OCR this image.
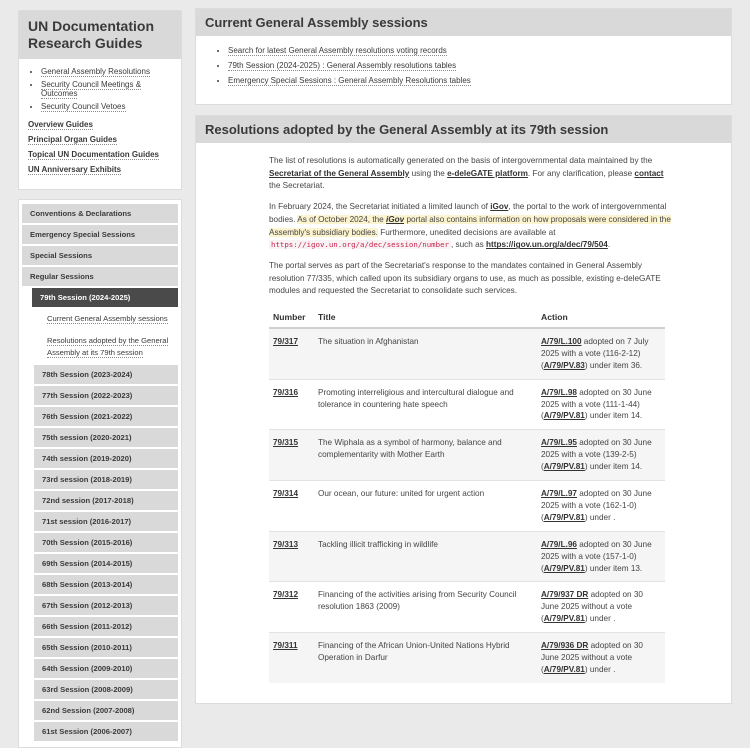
UN Documentation Research Guides
• General Assembly Resolutions
• Security Council Meetings & Outcomes
• Security Council Vetoes
Overview Guides
Principal Organ Guides
Topical UN Documentation Guides
UN Anniversary Exhibits
Conventions & Declarations
Emergency Special Sessions
Special Sessions
Regular Sessions
79th Session (2024-2025)
Current General Assembly sessions
Resolutions adopted by the General Assembly at its 79th session
78th Session (2023-2024)
77th Session (2022-2023)
76th Session (2021-2022)
75th session (2020-2021)
74th session (2019-2020)
73rd session (2018-2019)
72nd session (2017-2018)
71st session (2016-2017)
70th Session (2015-2016)
69th Session (2014-2015)
68th Session (2013-2014)
67th Session (2012-2013)
66th Session (2011-2012)
65th Session (2010-2011)
64th Session (2009-2010)
63rd Session (2008-2009)
62nd Session (2007-2008)
61st Session (2006-2007)
Current General Assembly sessions
• Search for latest General Assembly resolutions voting records
• 79th Session (2024-2025) : General Assembly resolutions tables
• Emergency Special Sessions : General Assembly Resolutions tables
Resolutions adopted by the General Assembly at its 79th session

The list of resolutions is automatically generated on the basis of intergovernmental data maintained by the Secretariat of the General Assembly using the e-deleGATE platform. For any clarification, please contact the Secretariat.

In February 2024, the Secretariat initiated a limited launch of iGov, the portal to the work of intergovernmental bodies. As of October 2024, the iGov portal also contains information on how proposals were considered in the Assembly's subsidiary bodies. Furthermore, unedited decisions are available at https://igov.un.org/a/dec/session/number , such as https://igov.un.org/a/dec/79/504.

The portal serves as part of the Secretariat's response to the mandates contained in General Assembly resolution 77/335, which called upon its subsidiary organs to use, as much as possible, existing e-deleGATE modules and requested the Secretariat to consolidate such services.

Number	Title	Action
79/317	The situation in Afghanistan	A/79/L.100 adopted on 7 July 2025 with a vote (116-2-12) (A/79/PV.83) under item 36.
79/316	Promoting interreligious and intercultural dialogue and tolerance in countering hate speech	A/79/L.98 adopted on 30 June 2025 with a vote (111-1-44) (A/79/PV.81) under item 14.
79/315	The Wiphala as a symbol of harmony, balance and complementarity with Mother Earth	A/79/L.95 adopted on 30 June 2025 with a vote (139-2-5) (A/79/PV.81) under item 14.
79/314	Our ocean, our future: united for urgent action	A/79/L.97 adopted on 30 June 2025 with a vote (162-1-0) (A/79/PV.81) under .
79/313	Tackling illicit trafficking in wildlife	A/79/L.96 adopted on 30 June 2025 with a vote (157-1-0) (A/79/PV.81) under item 13.
79/312	Financing of the activities arising from Security Council resolution 1863 (2009)	A/79/937 DR adopted on 30 June 2025 without a vote (A/79/PV.81) under .
79/311	Financing of the African Union-United Nations Hybrid Operation in Darfur	A/79/936 DR adopted on 30 June 2025 without a vote (A/79/PV.81) under .
